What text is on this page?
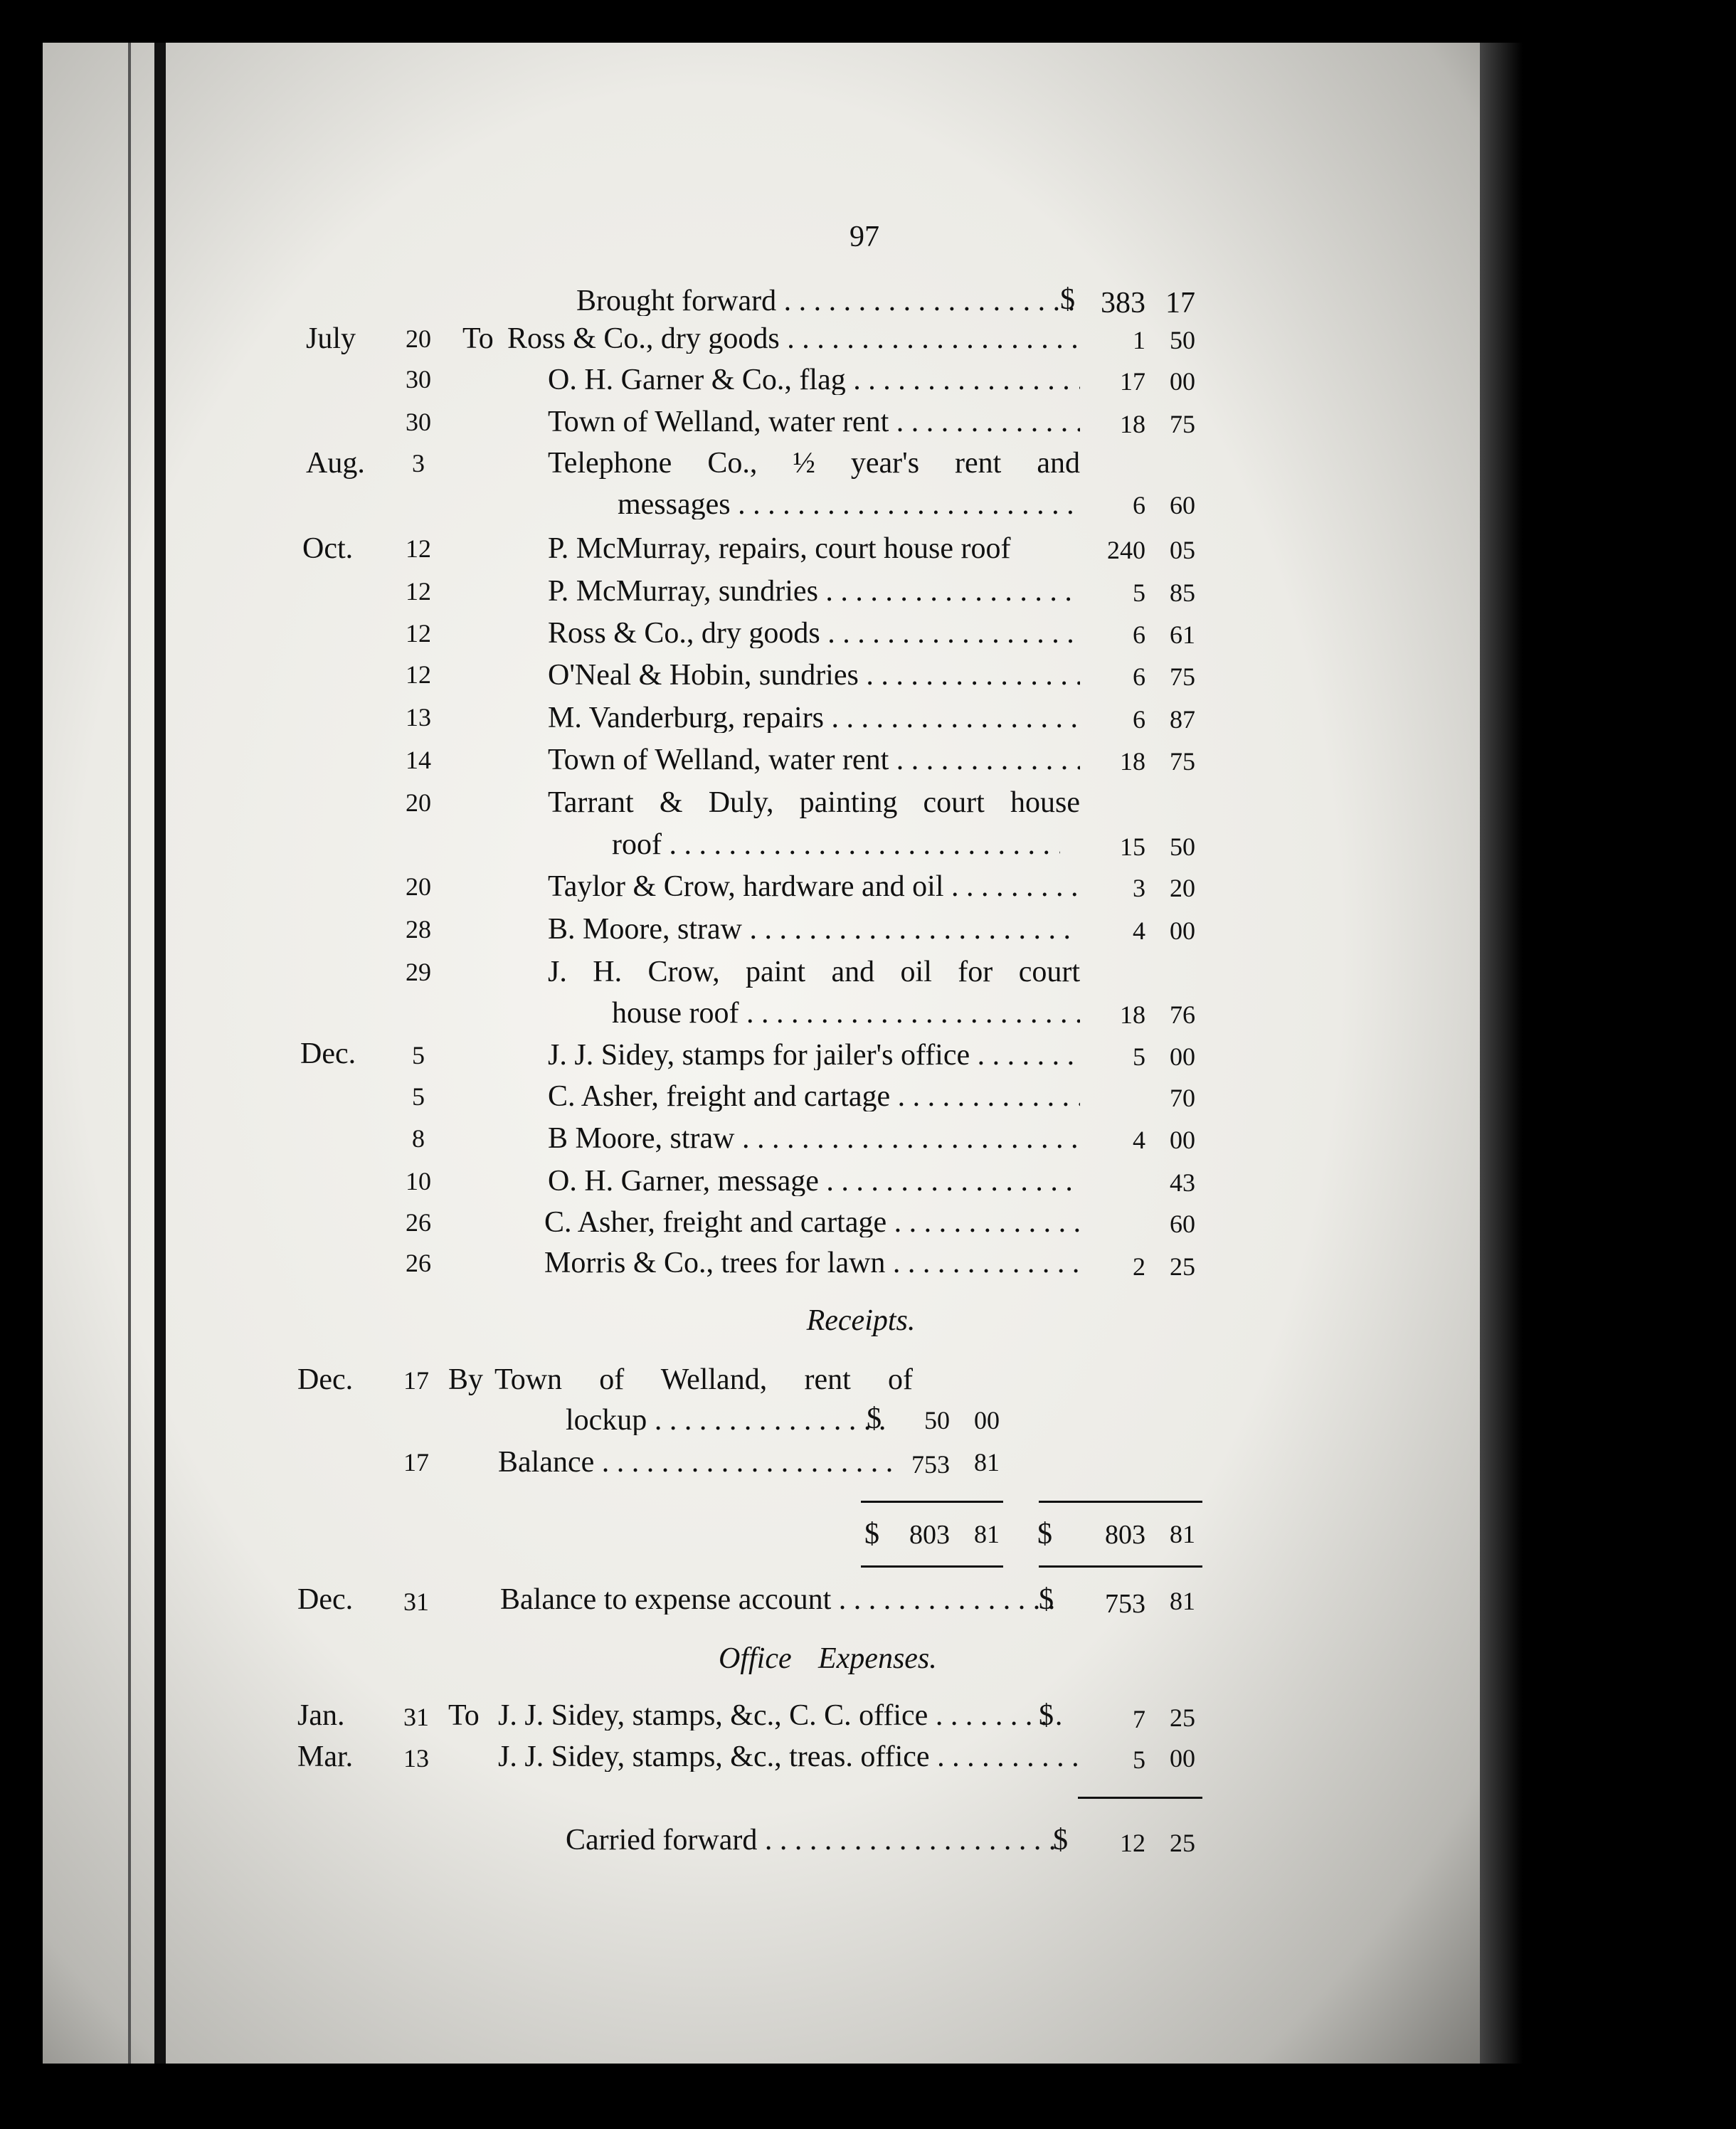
97
Brought forward . . .	$ 383 17
July	20	To Ross & Co., dry goods . . .	1 50
30	O. H. Garner & Co., flag . . .	17 00
30	Town of Welland, water rent . . .	18 75
Aug.	3	Telephone Co., ½ year's rent and
messages . . .	6 60
Oct.	12	P. McMurray, repairs, court house roof	240 05
12	P. McMurray, sundries . . .	5 85
12	Ross & Co., dry goods . . .	6 61
12	O'Neal & Hobin, sundries . . .	6 75
13	M. Vanderburg, repairs . . .	6 87
14	Town of Welland, water rent . . .	18 75
20	Tarrant & Duly, painting court house
roof . . .	15 50
20	Taylor & Crow, hardware and oil . . .	3 20
28	B. Moore, straw . . .	4 00
29	J. H. Crow, paint and oil for court
house roof . . .	18 76
Dec.	5	J. J. Sidey, stamps for jailer's office . . .	5 00
5	C. Asher, freight and cartage . . .	70
8	B Moore, straw . . .	4 00
10	O. H. Garner, message . . .	43
26	C. Asher, freight and cartage . . .	60
26	Morris & Co., trees for lawn . . .	2 25
Receipts.
Dec.	17 By Town of Welland, rent of
lockup . . .	$	50 00
17	Balance . . .	753 81
$	803 81 $	803 81
Dec.	31	Balance to expense account . . .	$	753 81
Office Expenses.
Jan.	31 To J. J. Sidey, stamps, &c., C. C. office . . .	$	7 25
Mar.	13	J. J. Sidey, stamps, &c., treas. office . . .	5 00
Carried forward . . .	$	12 25
